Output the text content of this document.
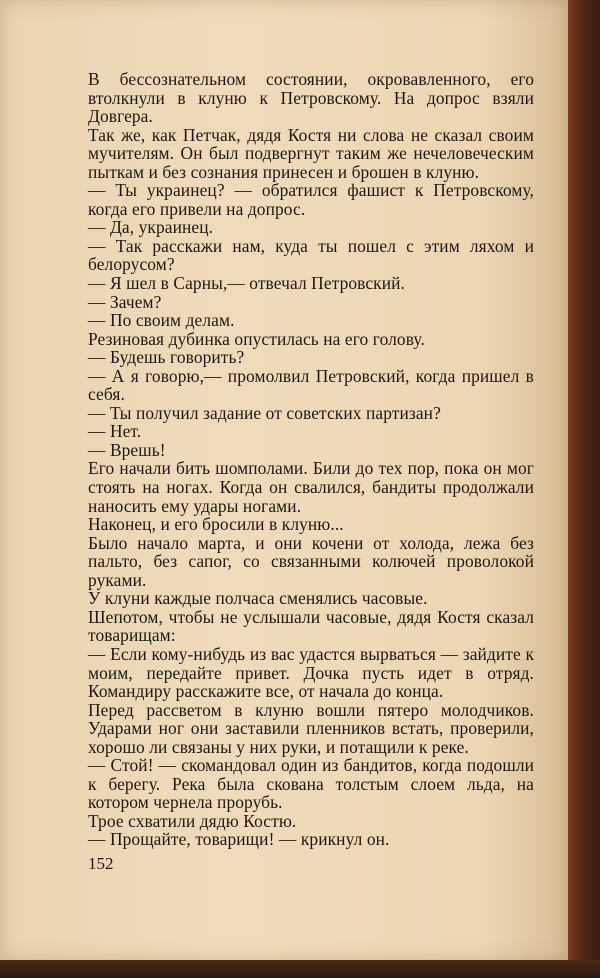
В бессознательном состоянии, окровавленного, его втолкнули в клуню к Петровскому. На допрос взяли Довгера.

Так же, как Петчак, дядя Костя ни слова не сказал своим мучителям. Он был подвергнут таким же нечеловеческим пыткам и без сознания принесен и брошен в клуню.

— Ты украинец? — обратился фашист к Петровскому, когда его привели на допрос.

— Да, украинец.

— Так расскажи нам, куда ты пошел с этим ляхом и белорусом?

— Я шел в Сарны,— отвечал Петровский.

— Зачем?

— По своим делам.

Резиновая дубинка опустилась на его голову.

— Будешь говорить?

— А я говорю,— промолвил Петровский, когда пришел в себя.

— Ты получил задание от советских партизан?

— Нет.

— Врешь!

Его начали бить шомполами. Били до тех пор, пока он мог стоять на ногах. Когда он свалился, бандиты продолжали наносить ему удары ногами.

Наконец, и его бросили в клуню...

Было начало марта, и они кочени от холода, лежа без пальто, без сапог, со связанными колючей проволокой руками.

У клуни каждые полчаса сменялись часовые.

Шепотом, чтобы не услышали часовые, дядя Костя сказал товарищам:

— Если кому-нибудь из вас удастся вырваться — зайдите к моим, передайте привет. Дочка пусть идет в отряд. Командиру расскажите все, от начала до конца.

Перед рассветом в клуню вошли пятеро молодчиков. Ударами ног они заставили пленников встать, проверили, хорошо ли связаны у них руки, и потащили к реке.

— Стой! — скомандовал один из бандитов, когда подошли к берегу. Река была скована толстым слоем льда, на котором чернела прорубь.

Трое схватили дядю Костю.

— Прощайте, товарищи! — крикнул он.

152
